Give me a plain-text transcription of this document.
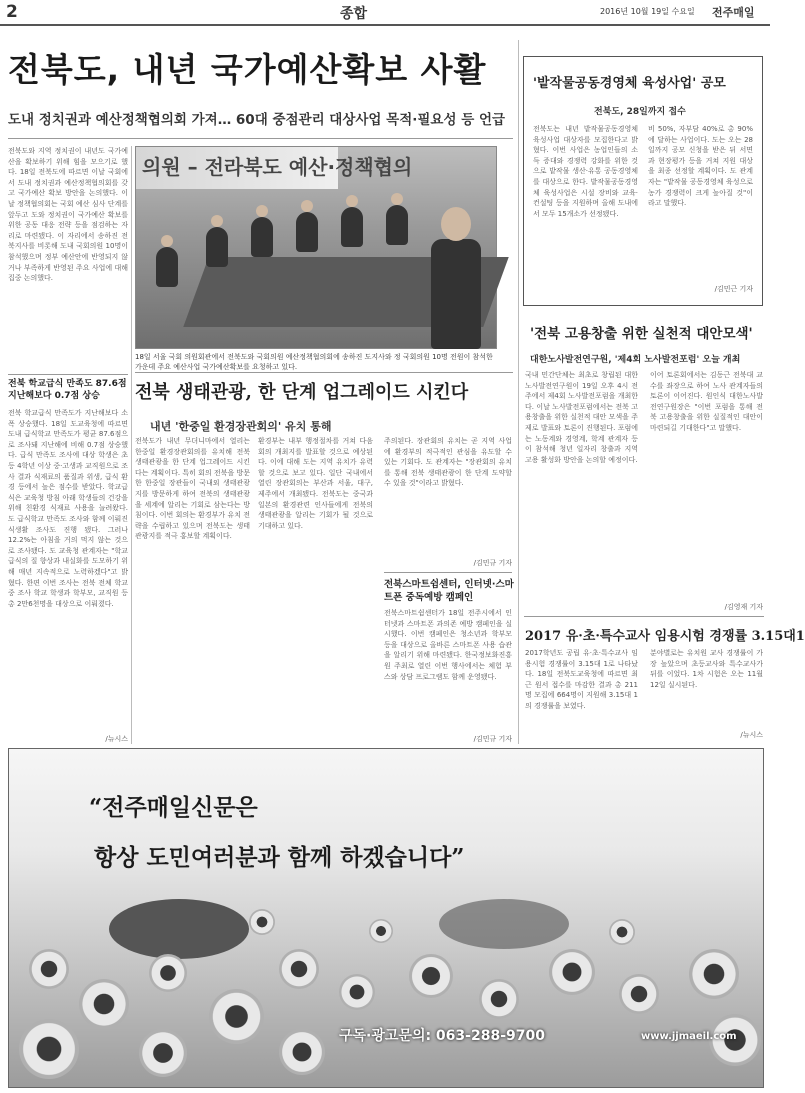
2	종합	2016년 10월 19일 수요일 전주매일
전북도, 내년 국가예산확보 사활
도내 정치권과 예산정책협의회 가져… 60대 중점관리 대상사업 목적·필요성 등 언급
전북도와 지역 정치권이 내년도 국가예산을 확보하기 위해 힘을 모으기로 했다. 18일 전북도에 따르면 이날 국회에서 도내 정치권과 예산정책협의회를 갖고 국가예산 확보 방안을 논의했다. 이날 정책협의회는 국회 예산 심사 단계를 앞두고 도와 정치권이 국가예산 확보를 위한 공동 대응 전략 등을 점검하는 자리로 마련됐다. 이 자리에서 송하진 전북지사를 비롯해 도내 국회의원 10명이 참석했으며 정부 예산안에 반영되지 않거나 부족하게 반영된 주요 사업에 대해 집중 논의했다.
의원 – 전라북도 예산·정책협의
18일 서울 국회 의원회관에서 전북도와 국회의원 예산정책협의회에 송하진 도지사와 정 국회의원 10명 전원이 참석한 가운데 주요 예산사업 국가예산확보를 요청하고 있다.
전북 학교급식 만족도 87.6점 지난해보다 0.7점 상승
전북 학교급식 만족도가 지난해보다 소폭 상승했다. 18일 도교육청에 따르면 도내 급식학교 만족도가 평균 87.6점으로 조사돼 지난해에 비해 0.7점 상승했다. 급식 만족도 조사에 대상 학생은 초등 4학년 이상 중·고생과 교직원으로 조사 결과 식재료의 품질과 위생, 급식 환경 등에서 높은 점수를 받았다. 학교급식은 교육청 방침 아래 학생들의 건강을 위해 친환경 식재료 사용을 늘려왔다. 도 급식학교 만족도 조사와 함께 이뤄진 식생활 조사도 진행 됐다. 그러나 12.2%는 아침을 거의 먹지 않는 것으로 조사됐다. 도 교육청 관계자는 "학교급식의 질 향상과 내실화를 도모하기 위해 매년 지속적으로 노력하겠다"고 밝혔다. 한편 이번 조사는 전북 전체 학교 중 조사 학교 학생과 학부모, 교직원 등 총 2만6천명을 대상으로 이뤄졌다.
/뉴시스
전북 생태관광, 한 단계 업그레이드 시킨다
내년 '한중일 환경장관회의' 유치 통해
전북도가 내년 무더니마에서 열리는 한중일 환경장관회의를 유치해 전북 생태관광을 한 단계 업그레이드 시킨다는 계획이다. 특히 회의 전북을 방문한 한중일 장관들이 국내외 생태관광지를 방문하게 하여 전북의 생태관광을 세계에 알리는 기회로 삼는다는 방침이다. 이번 회의는 환경부가 유치 전략을 수립하고 있으며 전북도는 생태관광지를 적극 홍보할 계획이다.
환경부는 내부 행정절차를 거쳐 다음 회의 개최지를 발표할 것으로 예상된다. 이에 대해 도는 지역 유치가 유력할 것으로 보고 있다. 일단 국내에서 열린 장관회의는 부산과 서울, 대구, 제주에서 개최됐다. 전북도는 중국과 일본의 환경관련 인사들에게 전북의 생태관광을 알리는 기회가 될 것으로 기대하고 있다.
주의된다. 장관회의 유치는 곧 지역 사업에 환경부의 적극적인 관심을 유도할 수 있는 기회다. 도 관계자는 "장관회의 유치를 통해 전북 생태관광이 한 단계 도약할 수 있을 것"이라고 밝혔다.
/김민규 기자
전북스마트쉼센터, 인터넷·스마트폰 중독예방 캠페인
전북스마트쉼센터가 18일 전주시에서 인터넷과 스마트폰 과의존 예방 캠페인을 실시했다. 이번 캠페인은 청소년과 학부모 등을 대상으로 올바른 스마트폰 사용 습관을 알리기 위해 마련됐다. 한국정보화진흥원 주최로 열린 이번 행사에서는 체험 부스와 상담 프로그램도 함께 운영됐다.
/김민규 기자
'밭작물공동경영체 육성사업' 공모
전북도, 28일까지 접수
전북도는 내년 밭작물공동경영체 육성사업 대상자를 모집한다고 밝혔다. 이번 사업은 농업인들의 소득 증대와 경쟁력 강화를 위한 것으로 밭작물 생산·유통 공동경영체를 대상으로 한다. 밭작물공동경영체 육성사업은 시설 장비와 교육·컨설팅 등을 지원하며 올해 도내에서 모두 15개소가 선정됐다.
비 50%, 자부담 40%로 총 90%에 달하는 사업이다. 도는 오는 28일까지 공모 신청을 받은 뒤 서면과 현장평가 등을 거쳐 지원 대상을 최종 선정할 계획이다. 도 관계자는 "밭작물 공동경영체 육성으로 농가 경쟁력이 크게 높아질 것"이라고 말했다.
/김민근 기자
'전북 고용창출 위한 실천적 대안모색'
대한노사발전연구원, '제4회 노사발전포럼' 오늘 개최
국내 민간단체는 최초로 창립된 대한노사발전연구원이 19일 오후 4시 전주에서 제4회 노사발전포럼을 개최한다. 이날 노사발전포럼에서는 전북 고용창출을 위한 실천적 대안 모색을 주제로 발표와 토론이 진행된다. 포럼에는 노동계와 경영계, 학계 관계자 등이 참석해 청년 일자리 창출과 지역 고용 활성화 방안을 논의할 예정이다.
이어 토론회에서는 김동근 전북대 교수를 좌장으로 하여 노사 관계자들의 토론이 이어진다. 원인식 대한노사발전연구원장은 "이번 포럼을 통해 전북 고용창출을 위한 실질적인 대안이 마련되길 기대한다"고 말했다.
/김영재 기자
2017 유·초·특수교사 임용시험 경쟁률 3.15대1
2017학년도 공립 유·초·특수교사 임용시험 경쟁률이 3.15대 1로 나타났다. 18일 전북도교육청에 따르면 최근 원서 접수를 마감한 결과 총 211명 모집에 664명이 지원해 3.15대 1의 경쟁률을 보였다.
분야별로는 유치원 교사 경쟁률이 가장 높았으며 초등교사와 특수교사가 뒤를 이었다. 1차 시험은 오는 11월 12일 실시된다.
/뉴시스
“전주매일신문은
항상 도민여러분과 함께 하겠습니다”
구독·광고문의: 063-288-9700	www.jjmaeil.com
